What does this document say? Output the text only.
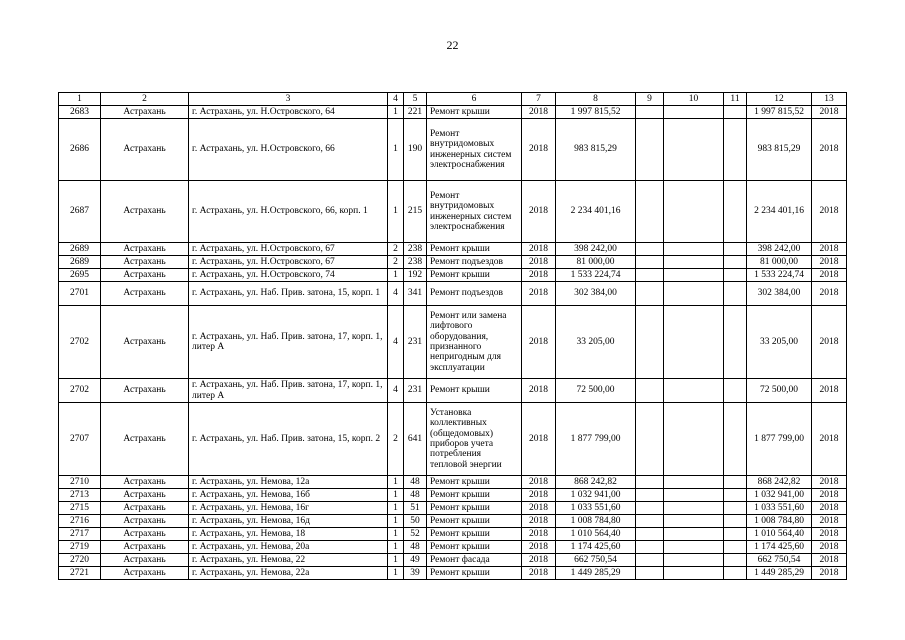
22
1	2	3	4	5	6	7	8	9	10	11	12	13
2683	Астрахань	г. Астрахань, ул. Н.Островского, 64	1	221	Ремонт крыши	2018	1 997 815,52				1 997 815,52	2018
2686	Астрахань	г. Астрахань, ул. Н.Островского, 66	1	190	Ремонт внутридомовых инженерных систем электроснабжения	2018	983 815,29				983 815,29	2018
2687	Астрахань	г. Астрахань, ул. Н.Островского, 66, корп. 1	1	215	Ремонт внутридомовых инженерных систем электроснабжения	2018	2 234 401,16				2 234 401,16	2018
2689	Астрахань	г. Астрахань, ул. Н.Островского, 67	2	238	Ремонт крыши	2018	398 242,00				398 242,00	2018
2689	Астрахань	г. Астрахань, ул. Н.Островского, 67	2	238	Ремонт подъездов	2018	81 000,00				81 000,00	2018
2695	Астрахань	г. Астрахань, ул. Н.Островского, 74	1	192	Ремонт крыши	2018	1 533 224,74				1 533 224,74	2018
2701	Астрахань	г. Астрахань, ул. Наб. Прив. затона, 15, корп. 1	4	341	Ремонт подъездов	2018	302 384,00				302 384,00	2018
2702	Астрахань	г. Астрахань, ул. Наб. Прив. затона, 17, корп. 1, литер А	4	231	Ремонт или замена лифтового оборудования, признанного непригодным для эксплуатации	2018	33 205,00				33 205,00	2018
2702	Астрахань	г. Астрахань, ул. Наб. Прив. затона, 17, корп. 1, литер А	4	231	Ремонт крыши	2018	72 500,00				72 500,00	2018
2707	Астрахань	г. Астрахань, ул. Наб. Прив. затона, 15, корп. 2	2	641	Установка коллективных (общедомовых) приборов учета потребления тепловой энергии	2018	1 877 799,00				1 877 799,00	2018
2710	Астрахань	г. Астрахань, ул. Немова, 12а	1	48	Ремонт крыши	2018	868 242,82				868 242,82	2018
2713	Астрахань	г. Астрахань, ул. Немова, 16б	1	48	Ремонт крыши	2018	1 032 941,00				1 032 941,00	2018
2715	Астрахань	г. Астрахань, ул. Немова, 16г	1	51	Ремонт крыши	2018	1 033 551,60				1 033 551,60	2018
2716	Астрахань	г. Астрахань, ул. Немова, 16д	1	50	Ремонт крыши	2018	1 008 784,80				1 008 784,80	2018
2717	Астрахань	г. Астрахань, ул. Немова, 18	1	52	Ремонт крыши	2018	1 010 564,40				1 010 564,40	2018
2719	Астрахань	г. Астрахань, ул. Немова, 20а	1	48	Ремонт крыши	2018	1 174 425,60				1 174 425,60	2018
2720	Астрахань	г. Астрахань, ул. Немова, 22	1	49	Ремонт фасада	2018	662 750,54				662 750,54	2018
2721	Астрахань	г. Астрахань, ул. Немова, 22а	1	39	Ремонт крыши	2018	1 449 285,29				1 449 285,29	2018
